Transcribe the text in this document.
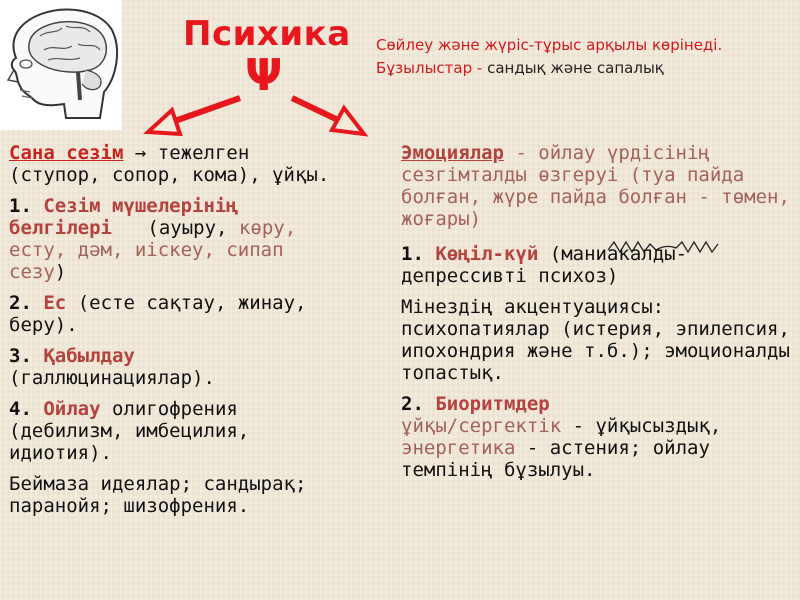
Психика
Ψ
Сөйлеу және жүріс-тұрыс арқылы көрінеді.
Бұзылыстар - сандық және сапалық

Сана сезім → тежелген (ступор, сопор, кома), ұйқы.

1. Сезім мүшелерінің белгілері (ауыру, көру, есту, дәм, иіскеу, сипап сезу)

2. Ес (есте сақтау, жинау, беру).

3. Қабылдау (галлюцинациялар).

4. Ойлау олигофрения (дебилизм, имбецилия, идиотия).

Беймаза идеялар; сандырақ; паранойя; шизофрения.

Эмоциялар - ойлау үрдісінің сезгімталды өзгеруі (туа пайда болған, жүре пайда болған - төмен, жоғары)

1. Көңіл-күй (маниакалды-депрессивті психоз)

Мінездің акцентуациясы: психопатиялар (истерия, эпилепсия, ипохондрия және т.б.); эмоционалды топастық.

2. Биоритмдер
ұйқы/сергектік - ұйқысыздық, энергетика - астения; ойлау темпінің бұзылуы.
